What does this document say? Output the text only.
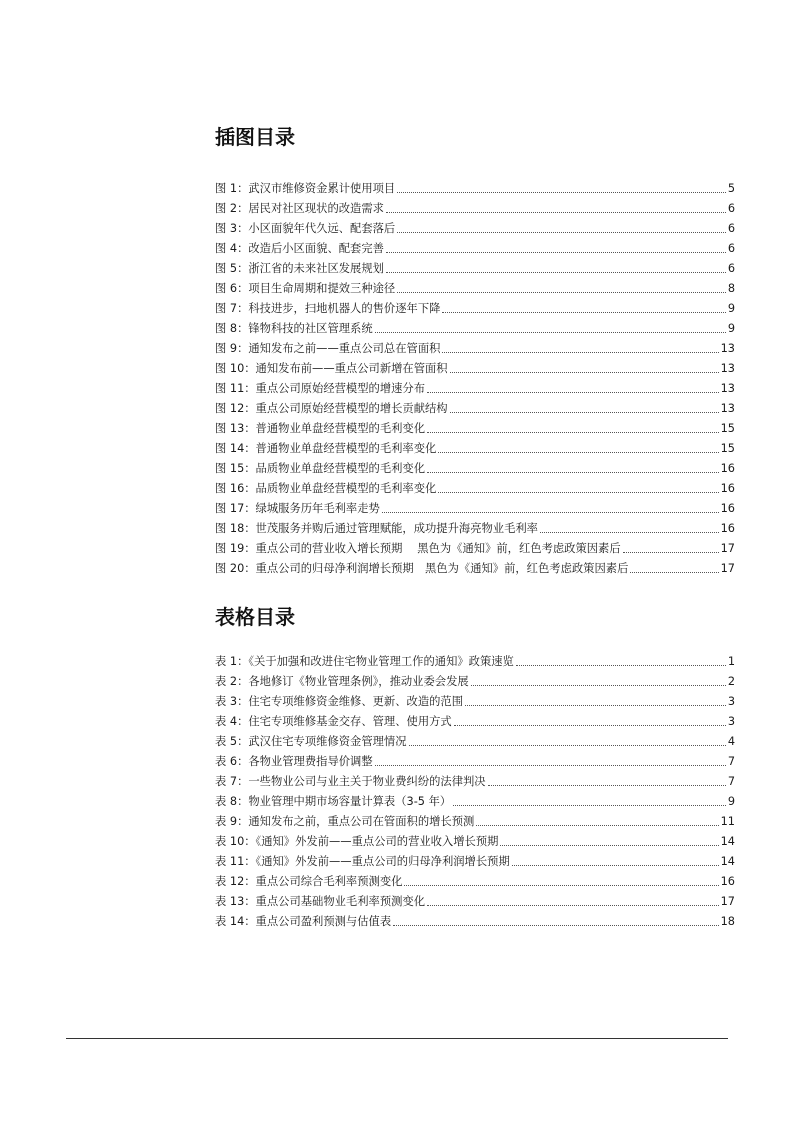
插图目录
图 1：武汉市维修资金累计使用项目	5
图 2：居民对社区现状的改造需求	6
图 3：小区面貌年代久远、配套落后	6
图 4：改造后小区面貌、配套完善	6
图 5：浙江省的未来社区发展规划	6
图 6：项目生命周期和提效三种途径	8
图 7：科技进步，扫地机器人的售价逐年下降	9
图 8：锋物科技的社区管理系统	9
图 9：通知发布之前——重点公司总在管面积	13
图 10：通知发布前——重点公司新增在管面积	13
图 11：重点公司原始经营模型的增速分布	13
图 12：重点公司原始经营模型的增长贡献结构	13
图 13：普通物业单盘经营模型的毛利变化	15
图 14：普通物业单盘经营模型的毛利率变化	15
图 15：品质物业单盘经营模型的毛利变化	16
图 16：品质物业单盘经营模型的毛利率变化	16
图 17：绿城服务历年毛利率走势	16
图 18：世茂服务并购后通过管理赋能，成功提升海亮物业毛利率	16
图 19：重点公司的营业收入增长预期　 黑色为《通知》前，红色考虑政策因素后	17
图 20：重点公司的归母净利润增长预期　黑色为《通知》前，红色考虑政策因素后	17
表格目录
表 1：《关于加强和改进住宅物业管理工作的通知》政策速览	1
表 2：各地修订《物业管理条例》，推动业委会发展	2
表 3：住宅专项维修资金维修、更新、改造的范围	3
表 4：住宅专项维修基金交存、管理、使用方式	3
表 5：武汉住宅专项维修资金管理情况	4
表 6：各物业管理费指导价调整	7
表 7：一些物业公司与业主关于物业费纠纷的法律判决	7
表 8：物业管理中期市场容量计算表（3-5 年）	9
表 9：通知发布之前，重点公司在管面积的增长预测	11
表 10：《通知》外发前——重点公司的营业收入增长预期	14
表 11：《通知》外发前——重点公司的归母净利润增长预期	14
表 12：重点公司综合毛利率预测变化	16
表 13：重点公司基础物业毛利率预测变化	17
表 14：重点公司盈利预测与估值表	18
